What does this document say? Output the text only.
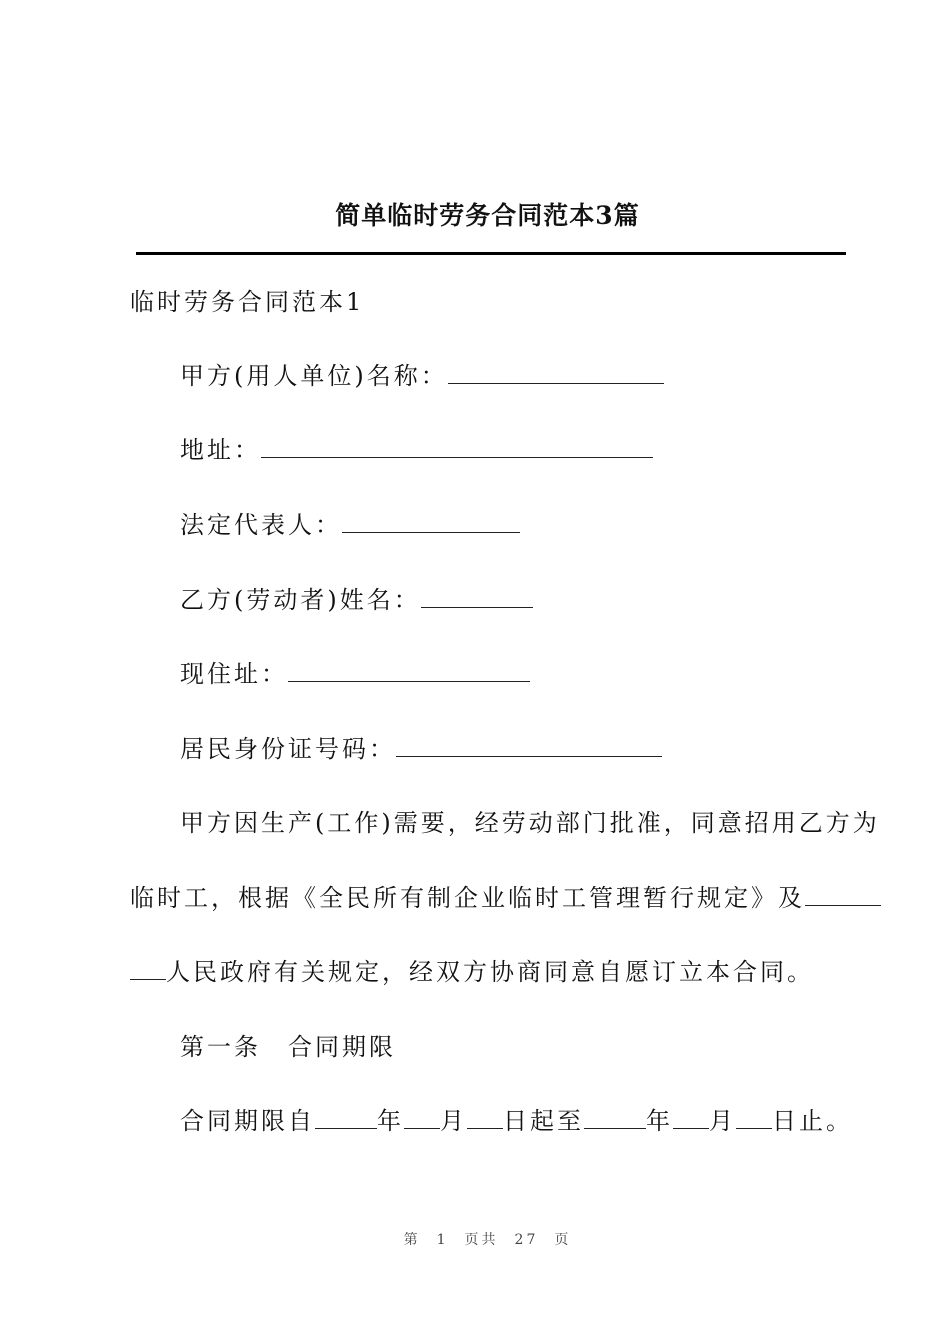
简单临时劳务合同范本3篇
临时劳务合同范本1
甲方(用人单位)名称：
地址：
法定代表人：
乙方(劳动者)姓名：
现住址：
居民身份证号码：
甲方因生产(工作)需要，经劳动部门批准，同意招用乙方为
临时工，根据《全民所有制企业临时工管理暂行规定》及
人民政府有关规定，经双方协商同意自愿订立本合同。
第一条　合同期限
合同期限自	年 月 日起至	年 月 日止。
第 1 页共 27 页
